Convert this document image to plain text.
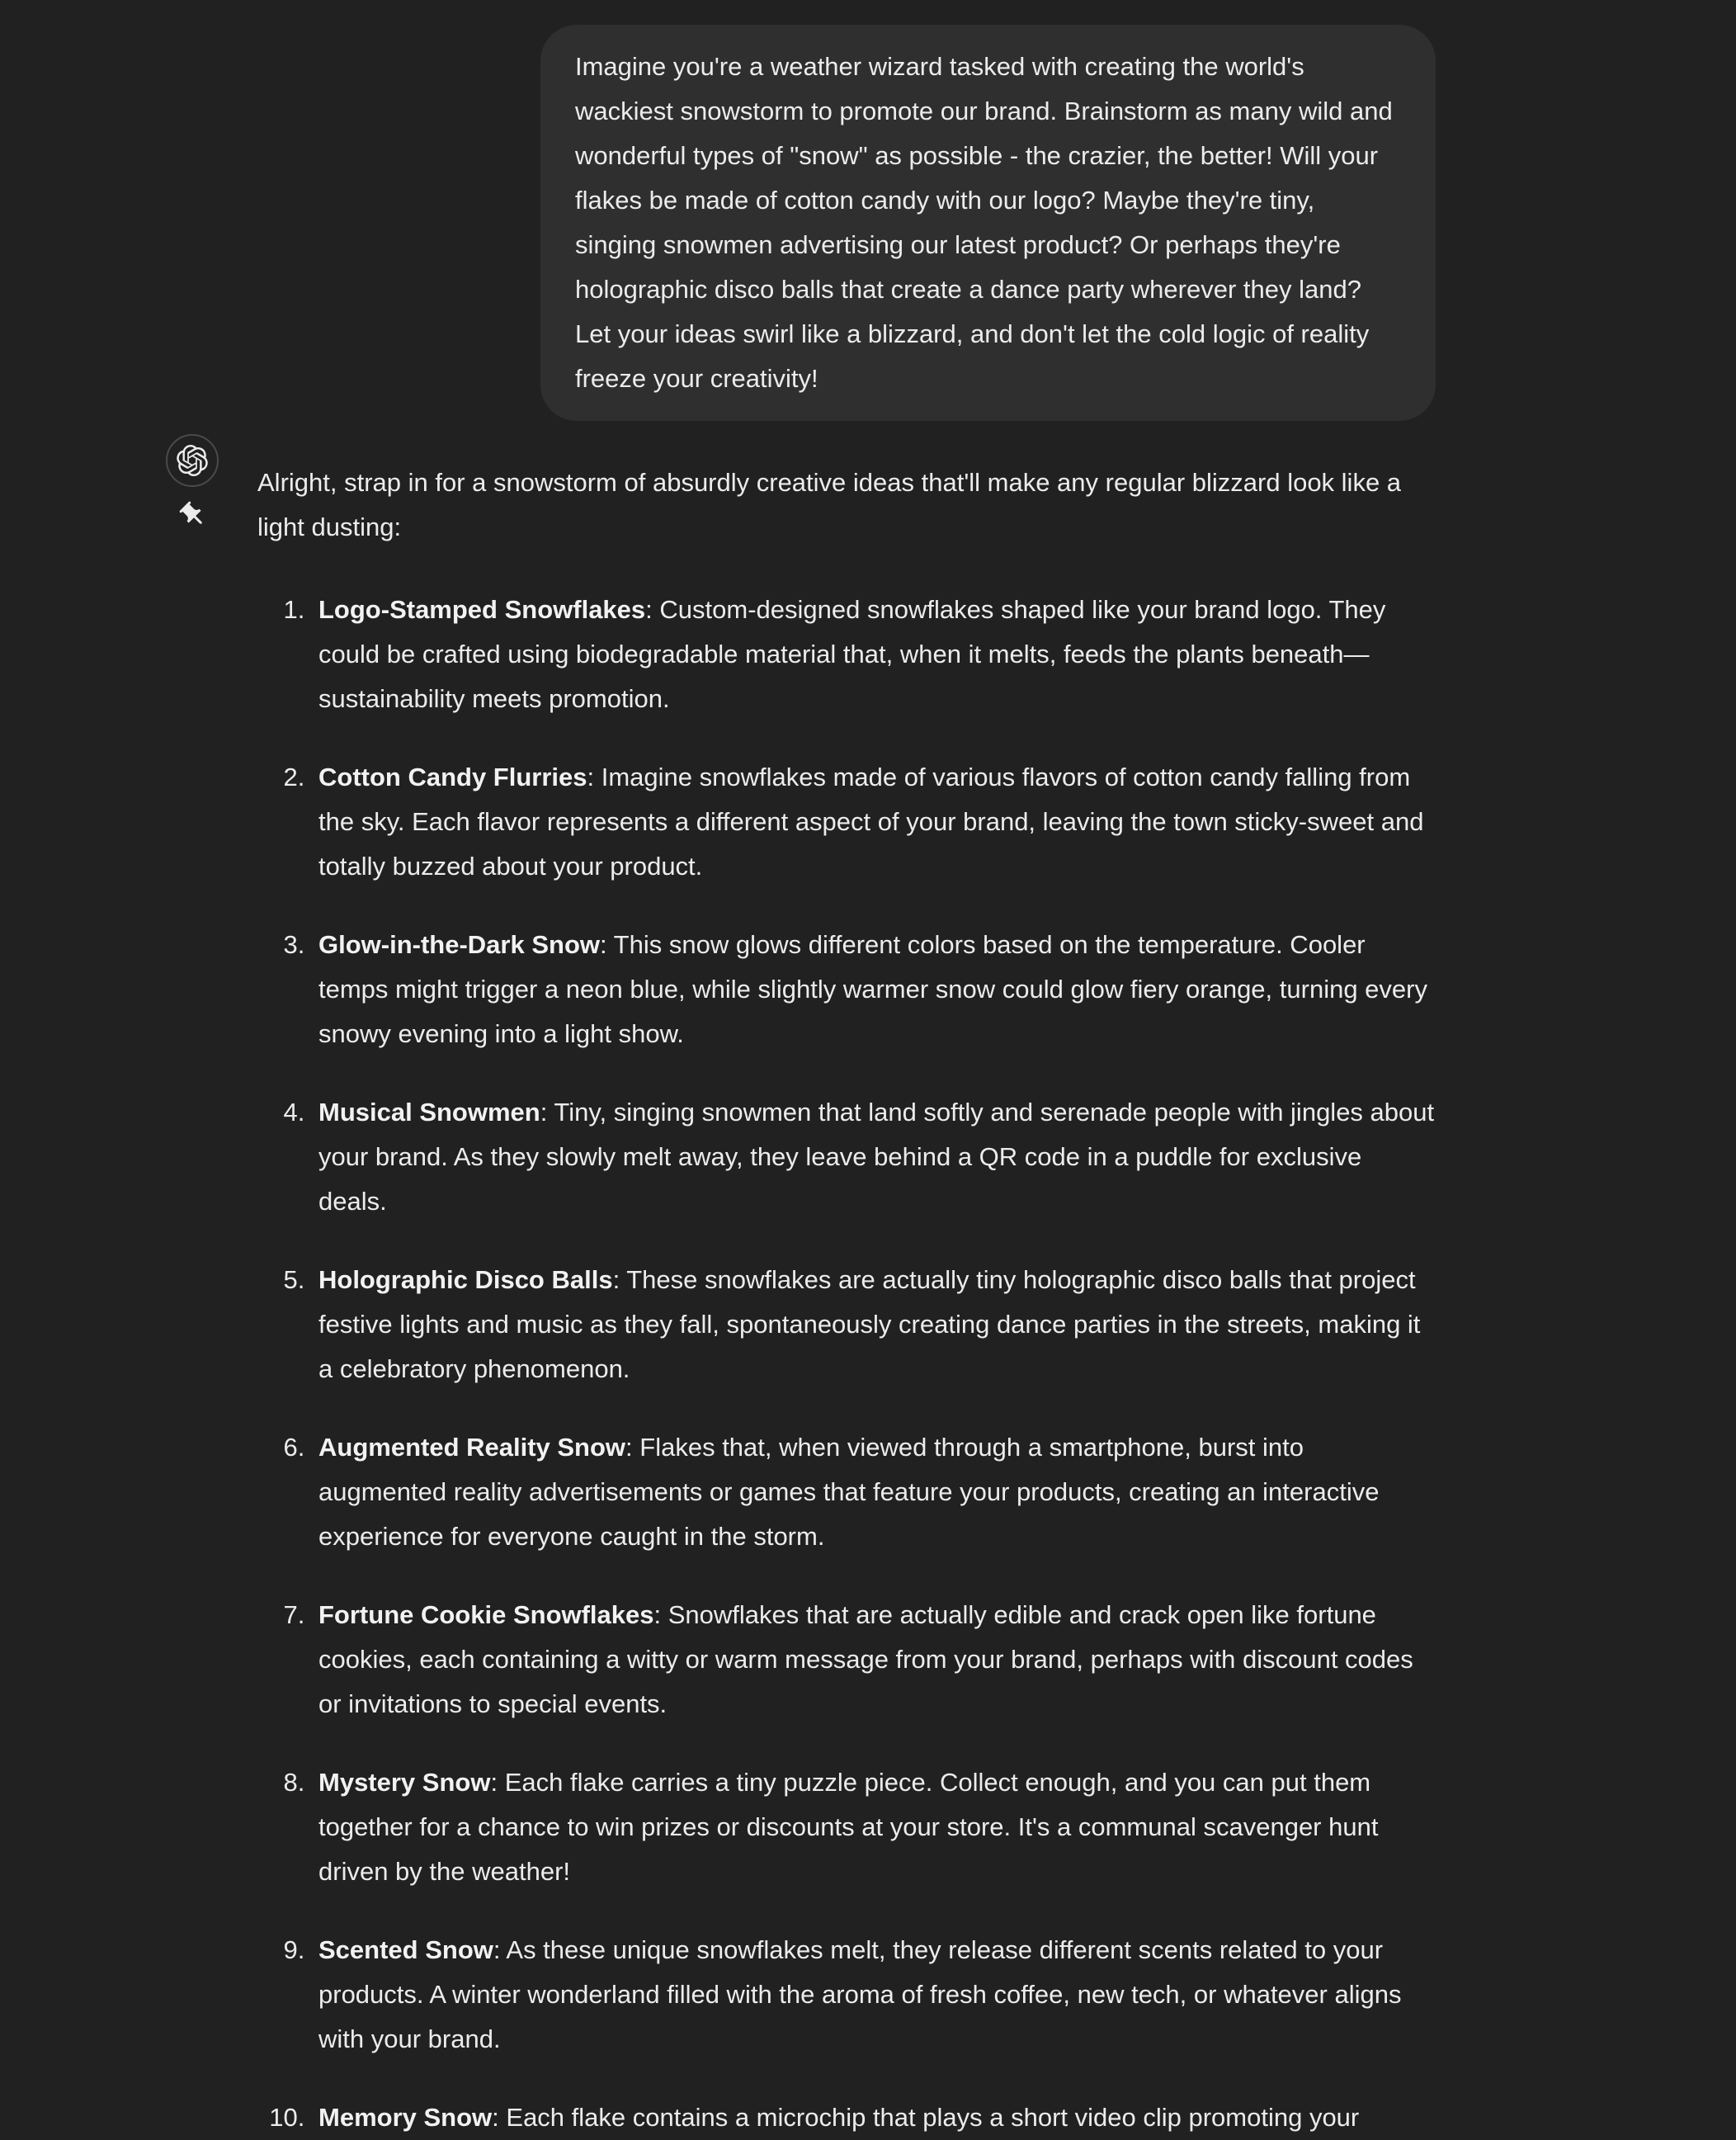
Imagine you're a weather wizard tasked with creating the world's wackiest snowstorm to promote our brand. Brainstorm as many wild and wonderful types of "snow" as possible - the crazier, the better! Will your flakes be made of cotton candy with our logo? Maybe they're tiny, singing snowmen advertising our latest product? Or perhaps they're holographic disco balls that create a dance party wherever they land? Let your ideas swirl like a blizzard, and don't let the cold logic of reality freeze your creativity!

Alright, strap in for a snowstorm of absurdly creative ideas that'll make any regular blizzard look like a light dusting:

1. Logo-Stamped Snowflakes: Custom-designed snowflakes shaped like your brand logo. They could be crafted using biodegradable material that, when it melts, feeds the plants beneath—sustainability meets promotion.
2. Cotton Candy Flurries: Imagine snowflakes made of various flavors of cotton candy falling from the sky. Each flavor represents a different aspect of your brand, leaving the town sticky-sweet and totally buzzed about your product.
3. Glow-in-the-Dark Snow: This snow glows different colors based on the temperature. Cooler temps might trigger a neon blue, while slightly warmer snow could glow fiery orange, turning every snowy evening into a light show.
4. Musical Snowmen: Tiny, singing snowmen that land softly and serenade people with jingles about your brand. As they slowly melt away, they leave behind a QR code in a puddle for exclusive deals.
5. Holographic Disco Balls: These snowflakes are actually tiny holographic disco balls that project festive lights and music as they fall, spontaneously creating dance parties in the streets, making it a celebratory phenomenon.
6. Augmented Reality Snow: Flakes that, when viewed through a smartphone, burst into augmented reality advertisements or games that feature your products, creating an interactive experience for everyone caught in the storm.
7. Fortune Cookie Snowflakes: Snowflakes that are actually edible and crack open like fortune cookies, each containing a witty or warm message from your brand, perhaps with discount codes or invitations to special events.
8. Mystery Snow: Each flake carries a tiny puzzle piece. Collect enough, and you can put them together for a chance to win prizes or discounts at your store. It's a communal scavenger hunt driven by the weather!
9. Scented Snow: As these unique snowflakes melt, they release different scents related to your products. A winter wonderland filled with the aroma of fresh coffee, new tech, or whatever aligns with your brand.
10. Memory Snow: Each flake contains a microchip that plays a short video clip promoting your
